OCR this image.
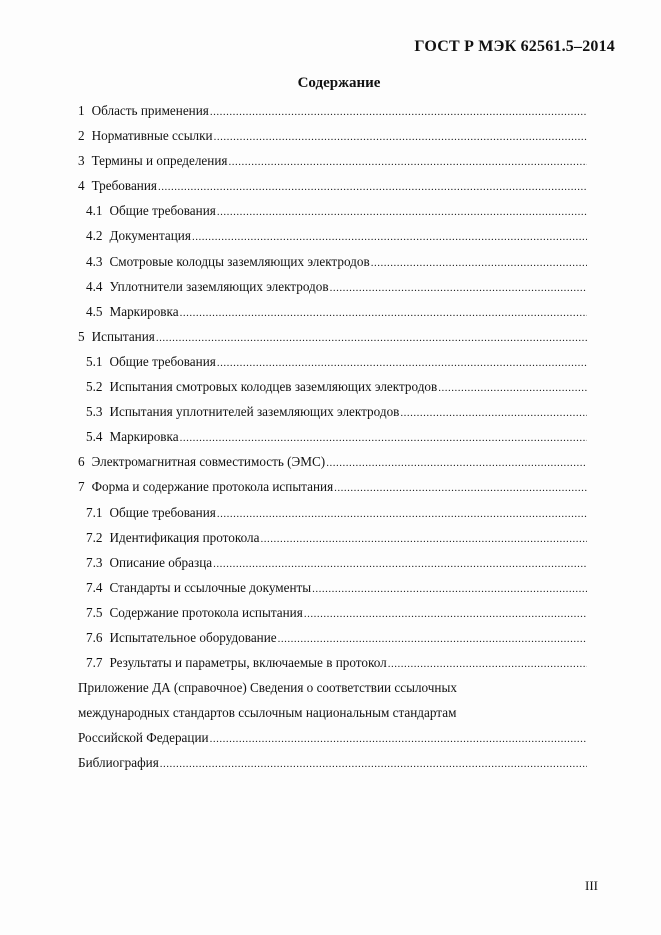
ГОСТ Р МЭК 62561.5–2014
Содержание
1 Область применения
.....
2 Нормативные ссылки
.....
3 Термины и определения
.....
4 Требования
.....
4.1 Общие требования
.....
4.2 Документация
.....
4.3 Смотровые колодцы заземляющих электродов
.....
4.4 Уплотнители заземляющих электродов
.....
4.5 Маркировка
.....
5 Испытания
.....
5.1 Общие требования
.....
5.2 Испытания смотровых колодцев заземляющих электродов
.....
5.3 Испытания уплотнителей заземляющих электродов
.....
5.4 Маркировка
.....
6 Электромагнитная совместимость (ЭМС)
.....
7 Форма и содержание протокола испытания
.....
7.1 Общие требования
.....
7.2 Идентификация протокола
.....
7.3 Описание образца
.....
7.4 Стандарты и ссылочные документы
.....
7.5 Содержание протокола испытания
.....
7.6 Испытательное оборудование
.....
7.7 Результаты и параметры, включаемые в протокол
.....
Приложение ДА (справочное) Сведения о соответствии ссылочных
международных стандартов ссылочным национальным стандартам
Российской Федерации
.....
Библиография
.....
III
